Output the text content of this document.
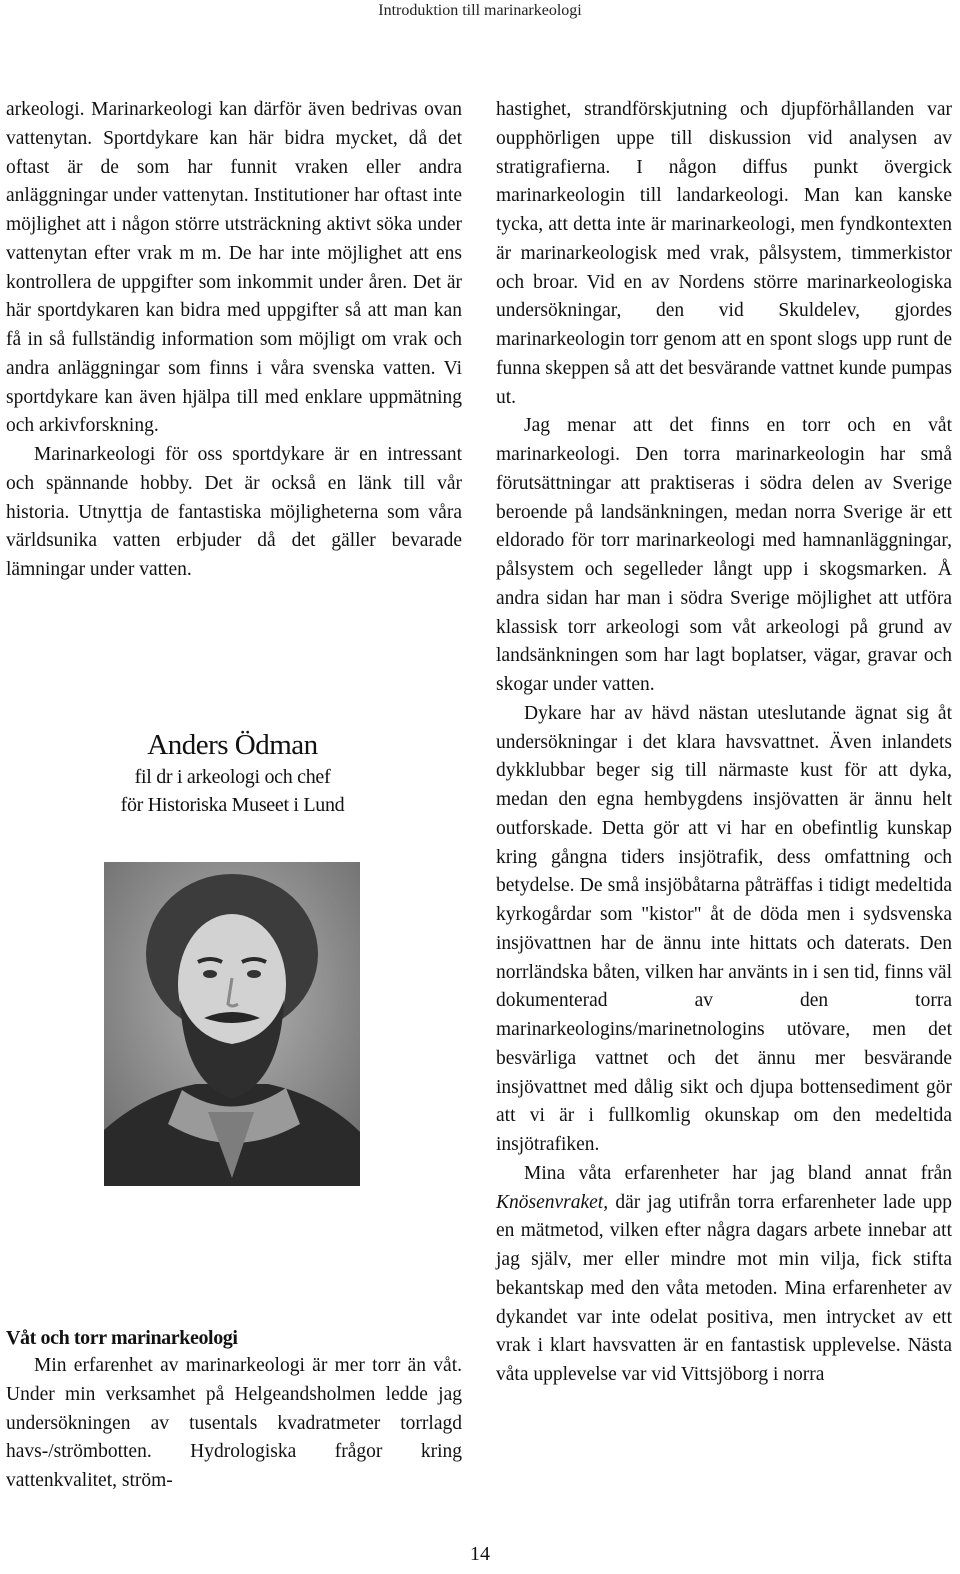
Introduktion till marinarkeologi

arkeologi. Marinarkeologi kan därför även bedrivas ovan vattenytan. Sportdykare kan här bidra mycket, då det oftast är de som har funnit vraken eller andra anläggningar under vattenytan. Institutioner har oftast inte möjlighet att i någon större utsträckning aktivt söka under vattenytan efter vrak m m. De har inte möjlighet att ens kontrollera de uppgifter som inkommit under åren. Det är här sportdykaren kan bidra med uppgifter så att man kan få in så fullständig information som möjligt om vrak och andra anläggningar som finns i våra svenska vatten. Vi sportdykare kan även hjälpa till med enklare uppmätning och arkivforskning.

Marinarkeologi för oss sportdykare är en intressant och spännande hobby. Det är också en länk till vår historia. Utnyttja de fantastiska möjligheterna som våra världsunika vatten erbjuder då det gäller bevarade lämningar under vatten.

Anders Ödman
fil dr i arkeologi och chef
för Historiska Museet i Lund
Våt och torr marinarkeologi

Min erfarenhet av marinarkeologi är mer torr än våt. Under min verksamhet på Helgeandsholmen ledde jag undersökningen av tusentals kvadratmeter torrlagd havs-/strömbotten. Hydrologiska frågor kring vattenkvalitet, ström-

hastighet, strandförskjutning och djupförhållanden var oupphörligen uppe till diskussion vid analysen av stratigrafierna. I någon diffus punkt övergick marinarkeologin till landarkeologi. Man kan kanske tycka, att detta inte är marinarkeologi, men fyndkontexten är marinarkeologisk med vrak, pålsystem, timmerkistor och broar. Vid en av Nordens större marinarkeologiska undersökningar, den vid Skuldelev, gjordes marinarkeologin torr genom att en spont slogs upp runt de funna skeppen så att det besvärande vattnet kunde pumpas ut.

Jag menar att det finns en torr och en våt marinarkeologi. Den torra marinarkeologin har små förutsättningar att praktiseras i södra delen av Sverige beroende på landsänkningen, medan norra Sverige är ett eldorado för torr marinarkeologi med hamnanläggningar, pålsystem och segelleder långt upp i skogsmarken. Å andra sidan har man i södra Sverige möjlighet att utföra klassisk torr arkeologi som våt arkeologi på grund av landsänkningen som har lagt boplatser, vägar, gravar och skogar under vatten.

Dykare har av hävd nästan uteslutande ägnat sig åt undersökningar i det klara havsvattnet. Även inlandets dykklubbar beger sig till närmaste kust för att dyka, medan den egna hembygdens insjövatten är ännu helt outforskade. Detta gör att vi har en obefintlig kunskap kring gångna tiders insjötrafik, dess omfattning och betydelse. De små insjöbåtarna påträffas i tidigt medeltida kyrkogårdar som "kistor" åt de döda men i sydsvenska insjövattnen har de ännu inte hittats och daterats. Den norrländska båten, vilken har använts in i sen tid, finns väl dokumenterad av den torra marinarkeologins/marinetnologins utövare, men det besvärliga vattnet och det ännu mer besvärande insjövattnet med dålig sikt och djupa bottensediment gör att vi är i fullkomlig okunskap om den medeltida insjötrafiken.

Mina våta erfarenheter har jag bland annat från Knösenvraket, där jag utifrån torra erfarenheter lade upp en mätmetod, vilken efter några dagars arbete innebar att jag själv, mer eller mindre mot min vilja, fick stifta bekantskap med den våta metoden. Mina erfarenheter av dykandet var inte odelat positiva, men intrycket av ett vrak i klart havsvatten är en fantastisk upplevelse. Nästa våta upplevelse var vid Vittsjöborg i norra

14
